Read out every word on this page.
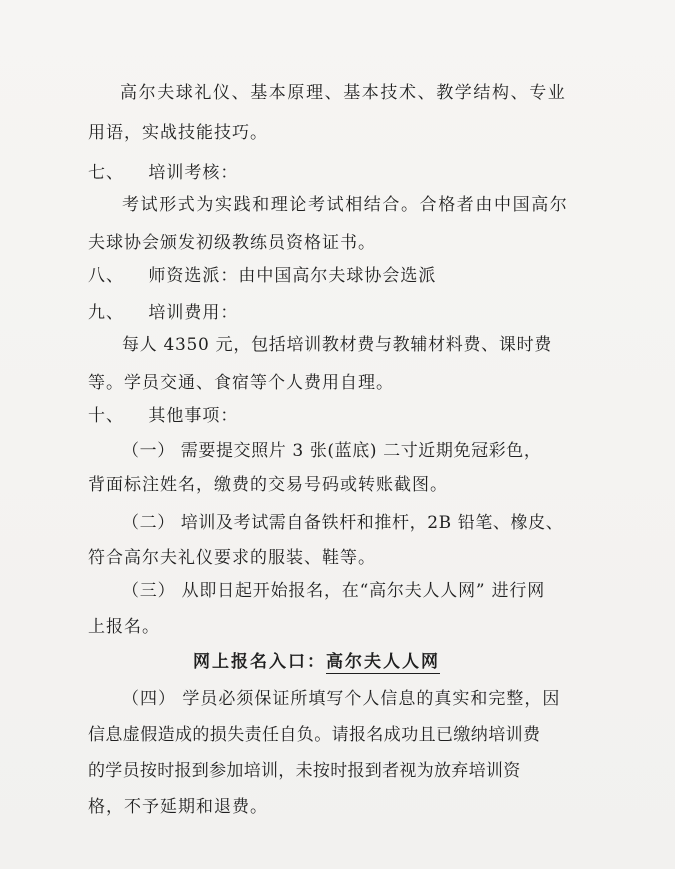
高尔夫球礼仪、基本原理、基本技术、教学结构、专业
用语，实战技能技巧。
七、 培训考核：
考试形式为实践和理论考试相结合。合格者由中国高尔
夫球协会颁发初级教练员资格证书。
八、 师资选派：由中国高尔夫球协会选派
九、 培训费用：
每人 4350 元，包括培训教材费与教辅材料费、课时费
等。学员交通、食宿等个人费用自理。
十、 其他事项：
（一） 需要提交照片 3 张(蓝底) 二寸近期免冠彩色，
背面标注姓名，缴费的交易号码或转账截图。
（二） 培训及考试需自备铁杆和推杆，2B 铅笔、橡皮、
符合高尔夫礼仪要求的服装、鞋等。
（三） 从即日起开始报名，在“高尔夫人人网” 进行网
上报名。
网上报名入口：高尔夫人人网
（四） 学员必须保证所填写个人信息的真实和完整，因
信息虚假造成的损失责任自负。请报名成功且已缴纳培训费
的学员按时报到参加培训，未按时报到者视为放弃培训资
格，不予延期和退费。
